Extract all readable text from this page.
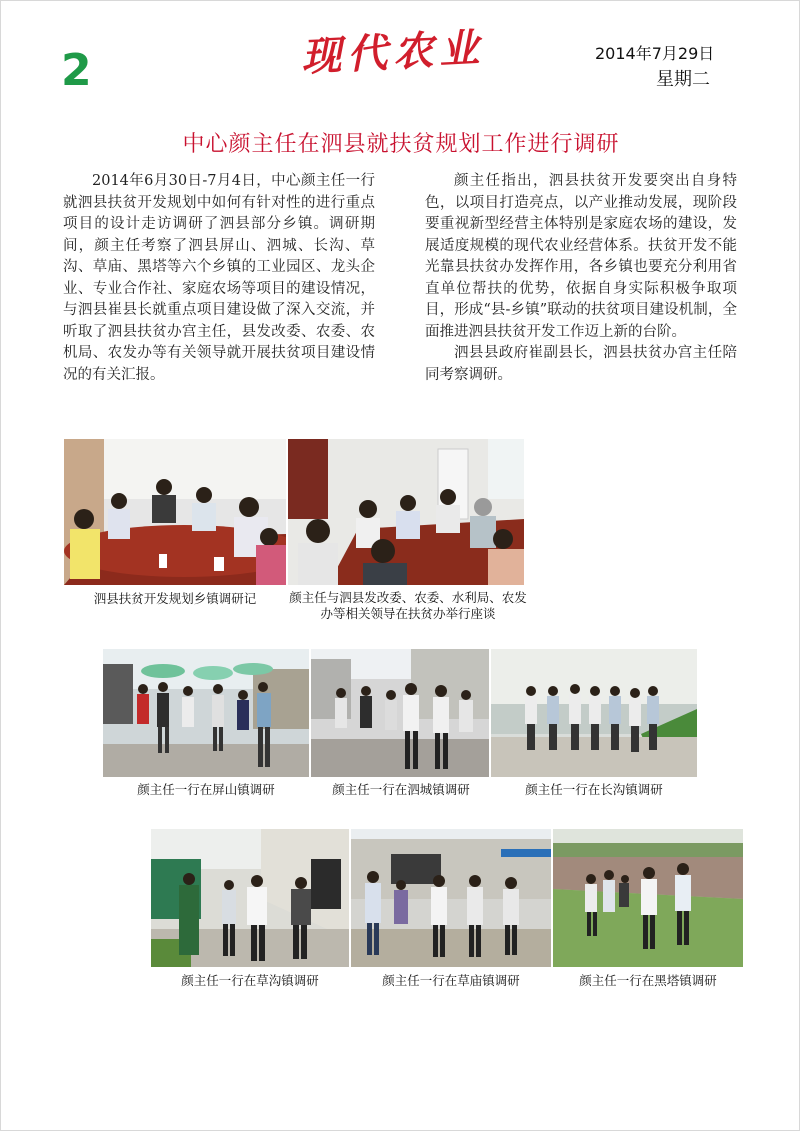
2	现代农业	2014年7月29日
星期二
中心颜主任在泗县就扶贫规划工作进行调研

2014年6月30日-7月4日，中心颜主任一行就泗县扶贫开发规划中如何有针对性的进行重点项目的设计走访调研了泗县部分乡镇。调研期间，颜主任考察了泗县屏山、泗城、长沟、草沟、草庙、黑塔等六个乡镇的工业园区、龙头企业、专业合作社、家庭农场等项目的建设情况，与泗县崔县长就重点项目建设做了深入交流，并听取了泗县扶贫办宫主任，县发改委、农委、农机局、农发办等有关领导就开展扶贫项目建设情况的有关汇报。

颜主任指出，泗县扶贫开发要突出自身特色，以项目打造亮点，以产业推动发展，现阶段要重视新型经营主体特别是家庭农场的建设，发展适度规模的现代农业经营体系。扶贫开发不能光靠县扶贫办发挥作用，各乡镇也要充分利用省直单位帮扶的优势，依据自身实际积极争取项目，形成“县-乡镇”联动的扶贫项目建设机制，全面推进泗县扶贫开发工作迈上新的台阶。

泗县县政府崔副县长，泗县扶贫办宫主任陪同考察调研。

泗县扶贫开发规划乡镇调研记	颜主任与泗县发改委、农委、水利局、农发办等相关领导在扶贫办举行座谈
颜主任一行在屏山镇调研	颜主任一行在泗城镇调研	颜主任一行在长沟镇调研
颜主任一行在草沟镇调研	颜主任一行在草庙镇调研	颜主任一行在黑塔镇调研
